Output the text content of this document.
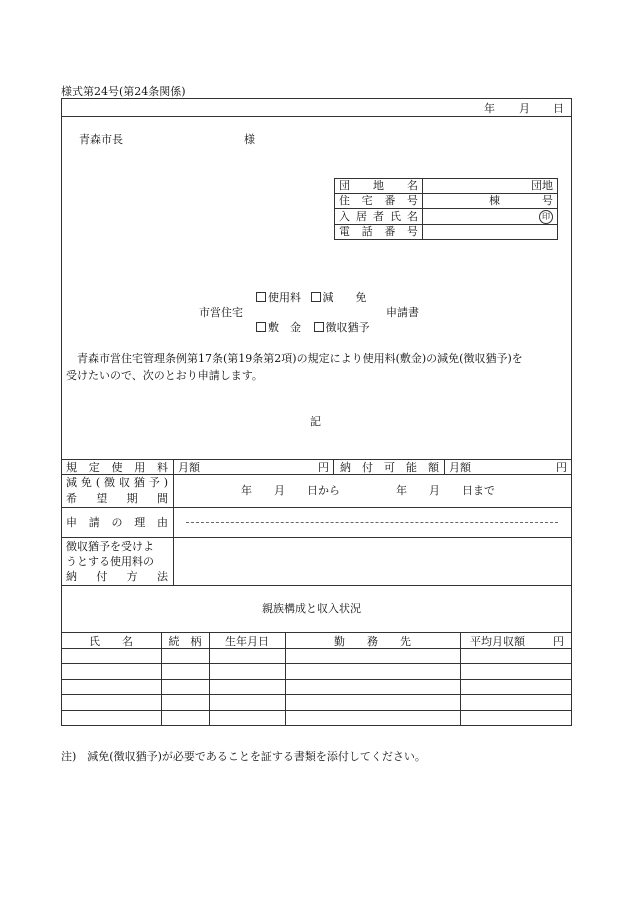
様式第24号(第24条関係)
年 月 日
青森市長	様
団地名	団地
住宅番号	棟 号
入居者氏名	印
電話番号	
使用料 減　　免
市営住宅	申請書
敷　金 徴収猶予
青森市営住宅管理条例第17条(第19条第2項)の規定により使用料(敷金)の減免(徴収猶予)を
受けたいので、次のとおり申請します。
記
規定使用料 月額	円 納付可能額 月額	円
減免(徴収猶予)
希望期間
年　　月　　日から	年　　月　　日まで
申請の理由
徴収猶予を受けよ
うとする使用料の
納付方法
親族構成と収入状況
氏　　名	続　柄	生年月日	勤　　務　　先	平均月収額	円
注)　減免(徴収猶予)が必要であることを証する書類を添付してください。
